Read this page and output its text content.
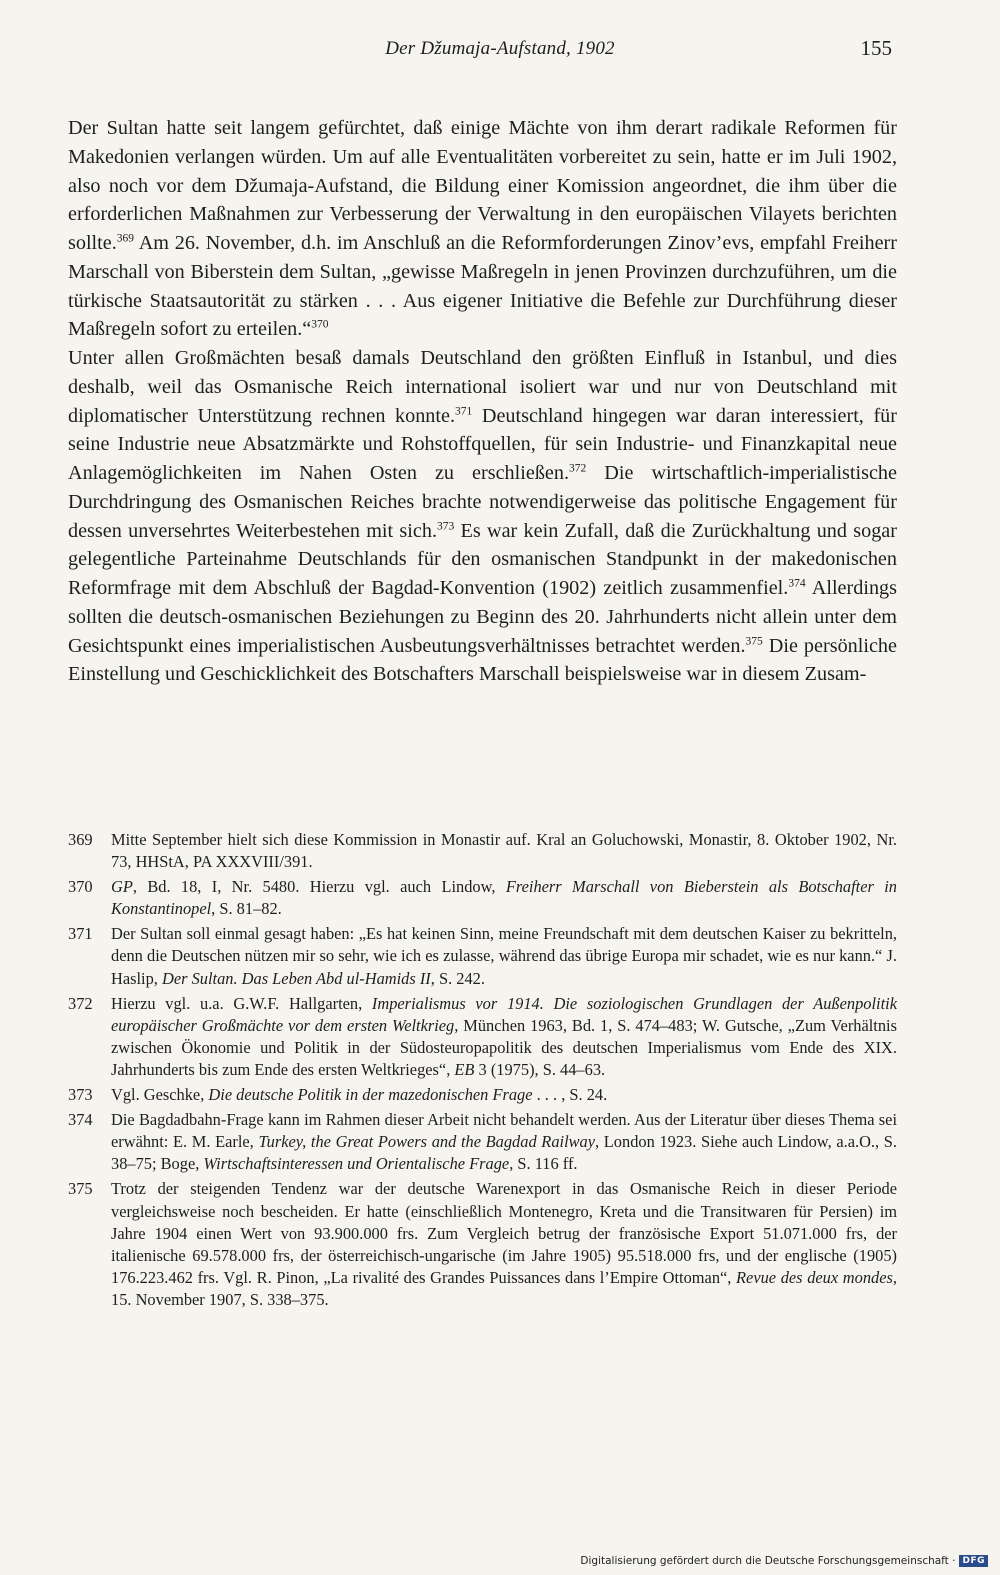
Der Džumaja-Aufstand, 1902	155

Der Sultan hatte seit langem gefürchtet, daß einige Mächte von ihm derart radikale Reformen für Makedonien verlangen würden. Um auf alle Eventualitäten vorbereitet zu sein, hatte er im Juli 1902, also noch vor dem Džumaja-Aufstand, die Bildung einer Komission angeordnet, die ihm über die erforderlichen Maßnahmen zur Verbesserung der Verwaltung in den europäischen Vilayets berichten sollte.$^{369}$ Am 26. November, d.h. im Anschluß an die Reformforderungen Zinov’evs, empfahl Freiherr Marschall von Biberstein dem Sultan, „gewisse Maßregeln in jenen Provinzen durchzuführen, um die türkische Staatsautorität zu stärken . . . Aus eigener Initiative die Befehle zur Durchführung dieser Maßregeln sofort zu erteilen.“$^{370}$

Unter allen Großmächten besaß damals Deutschland den größten Einfluß in Istanbul, und dies deshalb, weil das Osmanische Reich international isoliert war und nur von Deutschland mit diplomatischer Unterstützung rechnen konnte.$^{371}$ Deutschland hingegen war daran interessiert, für seine Industrie neue Absatzmärkte und Rohstoffquellen, für sein Industrie- und Finanzkapital neue Anlagemöglichkeiten im Nahen Osten zu erschließen.$^{372}$ Die wirtschaftlich-imperialistische Durchdringung des Osmanischen Reiches brachte notwendigerweise das politische Engagement für dessen unversehrtes Weiterbestehen mit sich.$^{373}$ Es war kein Zufall, daß die Zurückhaltung und sogar gelegentliche Parteinahme Deutschlands für den osmanischen Standpunkt in der makedonischen Reformfrage mit dem Abschluß der Bagdad-Konvention (1902) zeitlich zusammenfiel.$^{374}$ Allerdings sollten die deutsch-osmanischen Beziehungen zu Beginn des 20. Jahrhunderts nicht allein unter dem Gesichtspunkt eines imperialistischen Ausbeutungsverhältnisses betrachtet werden.$^{375}$ Die persönliche Einstellung und Geschicklichkeit des Botschafters Marschall beispielsweise war in diesem Zusam-

369 Mitte September hielt sich diese Kommission in Monastir auf. Kral an Goluchowski, Monastir, 8. Oktober 1902, Nr. 73, HHStA, PA XXXVIII/391.
370 GP, Bd. 18, I, Nr. 5480. Hierzu vgl. auch Lindow, Freiherr Marschall von Bieberstein als Botschafter in Konstantinopel, S. 81–82.
371 Der Sultan soll einmal gesagt haben: „Es hat keinen Sinn, meine Freundschaft mit dem deutschen Kaiser zu bekritteln, denn die Deutschen nützen mir so sehr, wie ich es zulasse, während das übrige Europa mir schadet, wie es nur kann.“ J. Haslip, Der Sultan. Das Leben Abd ul-Hamids II, S. 242.
372 Hierzu vgl. u.a. G.W.F. Hallgarten, Imperialismus vor 1914. Die soziologischen Grundlagen der Außenpolitik europäischer Großmächte vor dem ersten Weltkrieg, München 1963, Bd. 1, S. 474–483; W. Gutsche, „Zum Verhältnis zwischen Ökonomie und Politik in der Südosteuropapolitik des deutschen Imperialismus vom Ende des XIX. Jahrhunderts bis zum Ende des ersten Weltkrieges“, EB 3 (1975), S. 44–63.
373 Vgl. Geschke, Die deutsche Politik in der mazedonischen Frage . . . , S. 24.
374 Die Bagdadbahn-Frage kann im Rahmen dieser Arbeit nicht behandelt werden. Aus der Literatur über dieses Thema sei erwähnt: E. M. Earle, Turkey, the Great Powers and the Bagdad Railway, London 1923. Siehe auch Lindow, a.a.O., S. 38–75; Boge, Wirtschaftsinteressen und Orientalische Frage, S. 116 ff.
375 Trotz der steigenden Tendenz war der deutsche Warenexport in das Osmanische Reich in dieser Periode vergleichsweise noch bescheiden. Er hatte (einschließlich Montenegro, Kreta und die Transitwaren für Persien) im Jahre 1904 einen Wert von 93.900.000 frs. Zum Vergleich betrug der französische Export 51.071.000 frs, der italienische 69.578.000 frs, der österreichisch-ungarische (im Jahre 1905) 95.518.000 frs, und der englische (1905) 176.223.462 frs. Vgl. R. Pinon, „La rivalité des Grandes Puissances dans l’Empire Ottoman“, Revue des deux mondes, 15. November 1907, S. 338–375.
Digitalisierung gefördert durch die Deutsche Forschungsgemeinschaft · DFG
